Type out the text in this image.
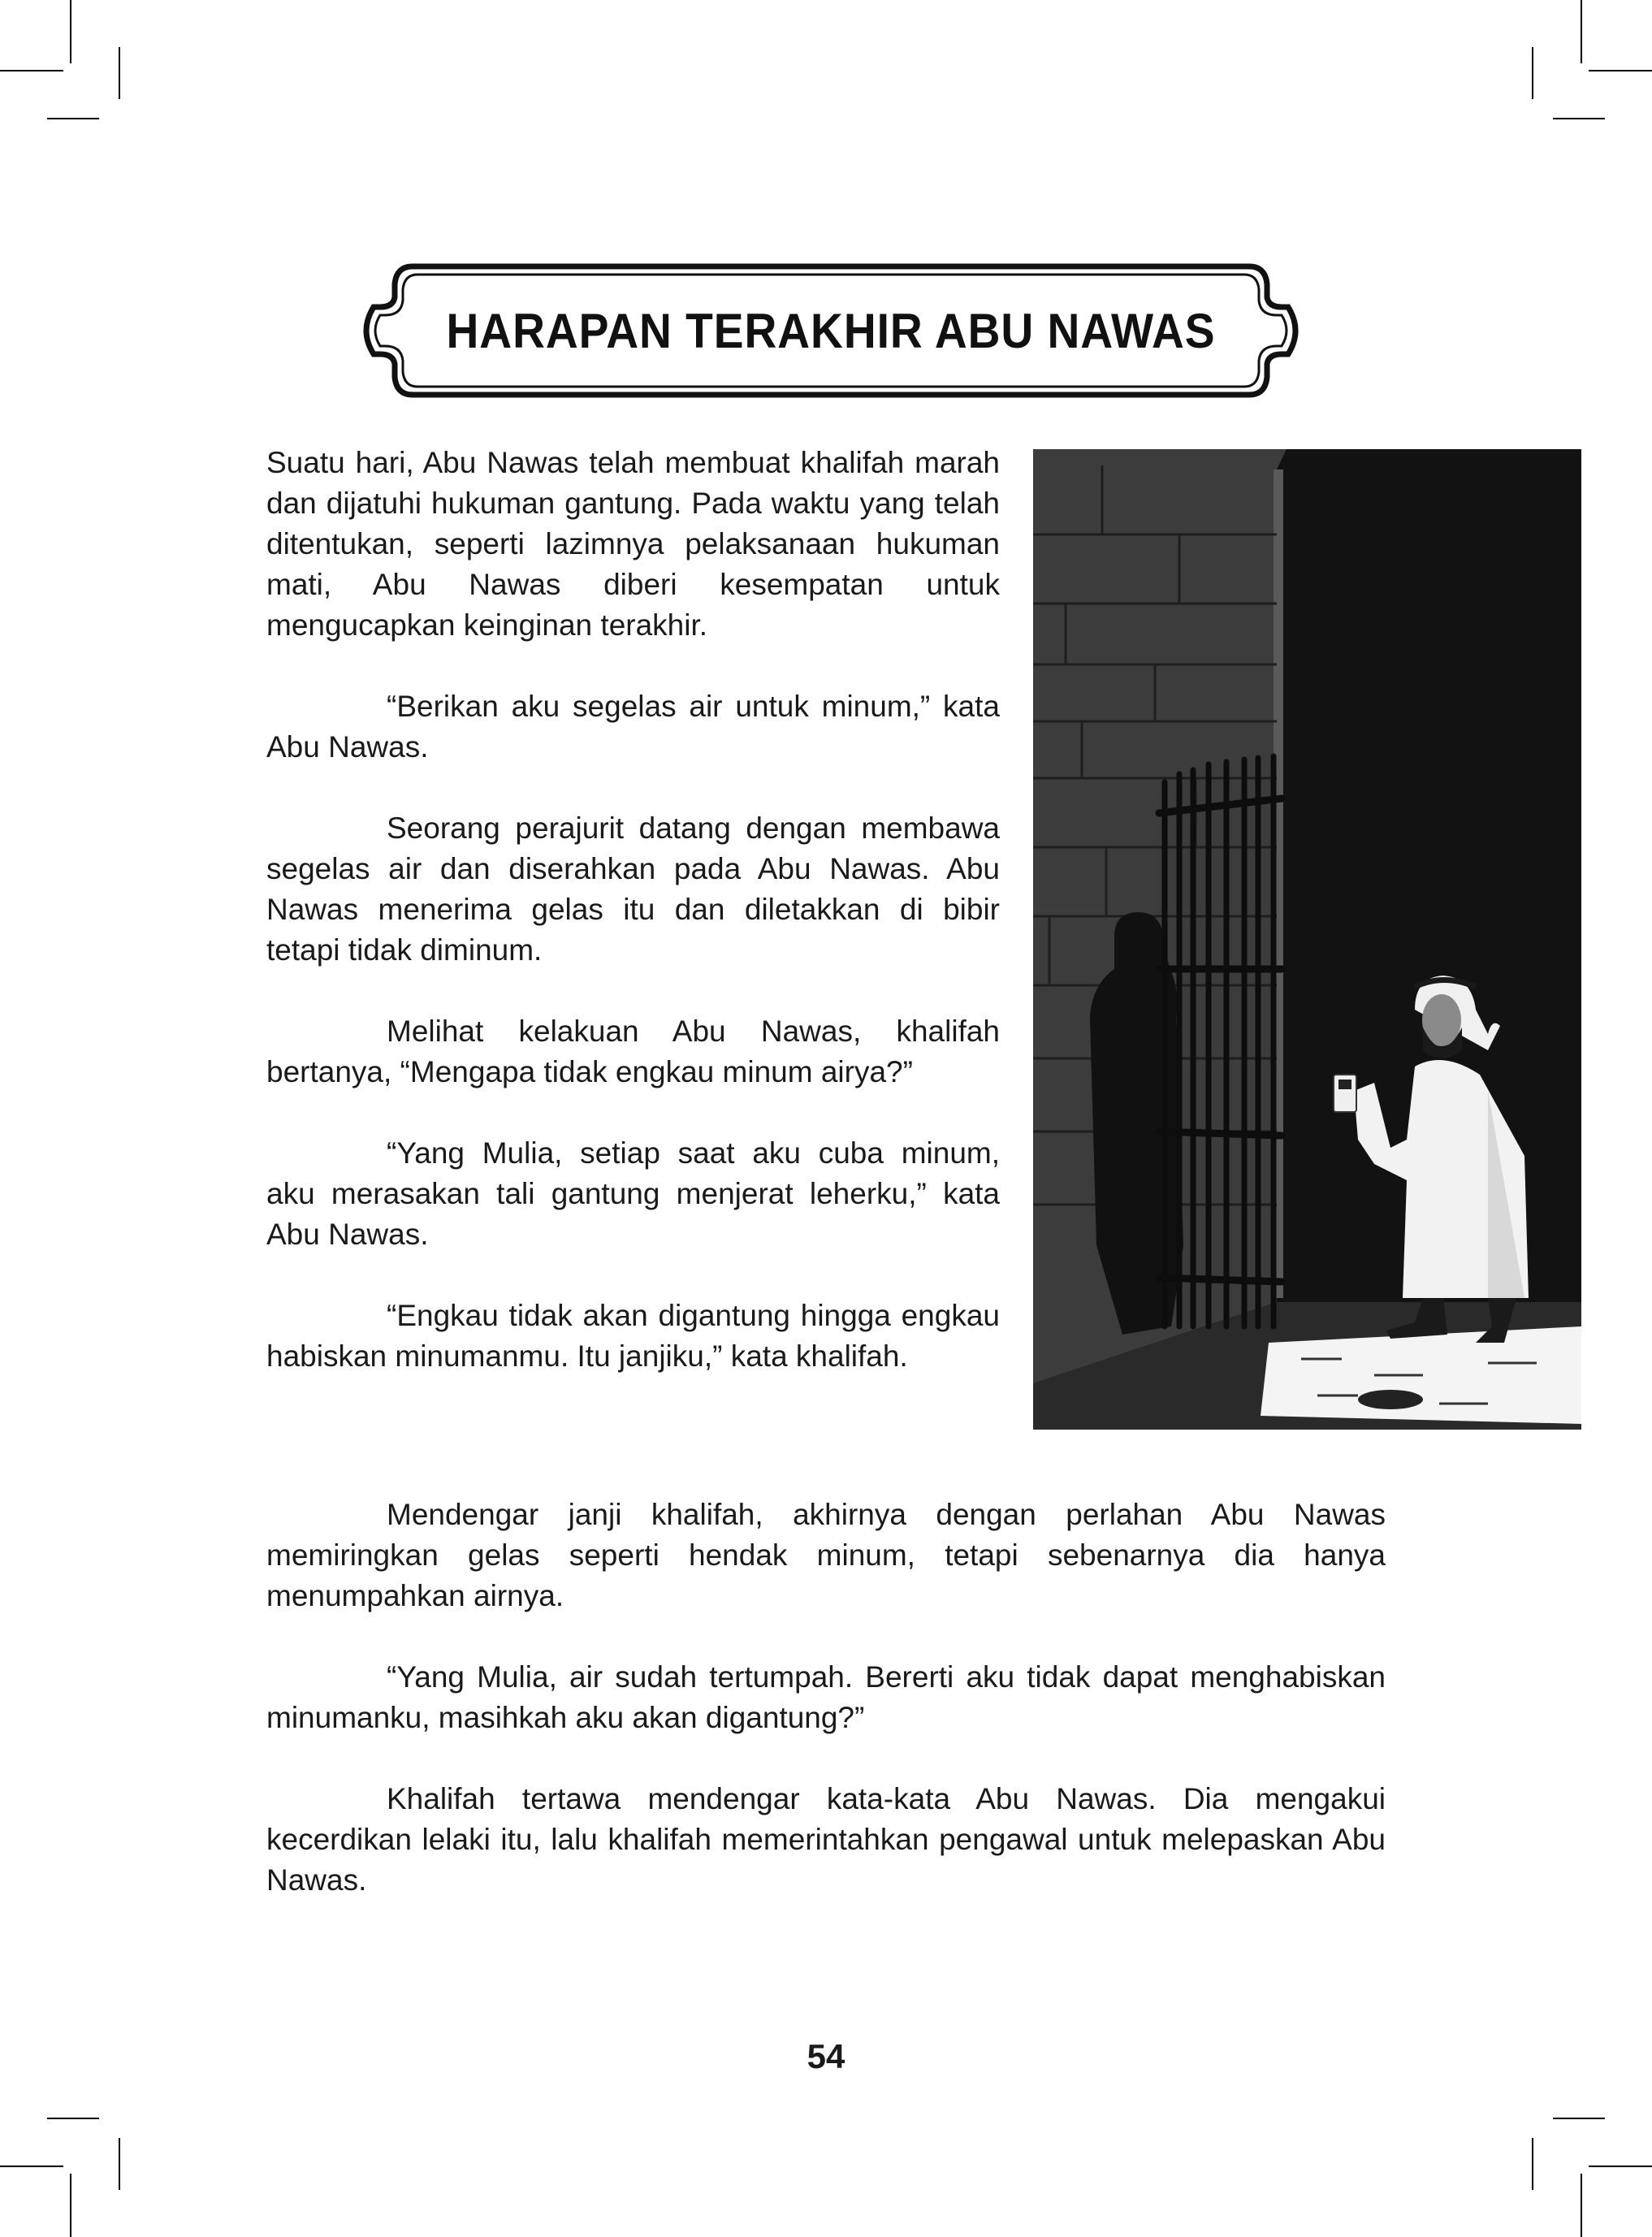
HARAPAN TERAKHIR ABU NAWAS

Suatu hari, Abu Nawas telah membuat khalifah marah dan dijatuhi hukuman gantung. Pada waktu yang telah ditentukan, seperti lazimnya pelaksanaan hukuman mati, Abu Nawas diberi kesempatan untuk mengucapkan keinginan terakhir.

“Berikan aku segelas air untuk minum,” kata Abu Nawas.

Seorang perajurit datang dengan membawa segelas air dan diserahkan pada Abu Nawas. Abu Nawas menerima gelas itu dan diletakkan di bibir tetapi tidak diminum.

Melihat kelakuan Abu Nawas, khalifah bertanya, “Mengapa tidak engkau minum airya?”

“Yang Mulia, setiap saat aku cuba minum, aku merasakan tali gantung menjerat leherku,” kata Abu Nawas.

“Engkau tidak akan digantung hingga engkau habiskan minumanmu. Itu janjiku,” kata khalifah.

Mendengar janji khalifah, akhirnya dengan perlahan Abu Nawas memiringkan gelas seperti hendak minum, tetapi sebenarnya dia hanya menumpahkan airnya.

“Yang Mulia, air sudah tertumpah. Bererti aku tidak dapat menghabiskan minumanku, masihkah aku akan digantung?”

Khalifah tertawa mendengar kata-kata Abu Nawas. Dia mengakui kecerdikan lelaki itu, lalu khalifah memerintahkan pengawal untuk melepaskan Abu Nawas.

54
